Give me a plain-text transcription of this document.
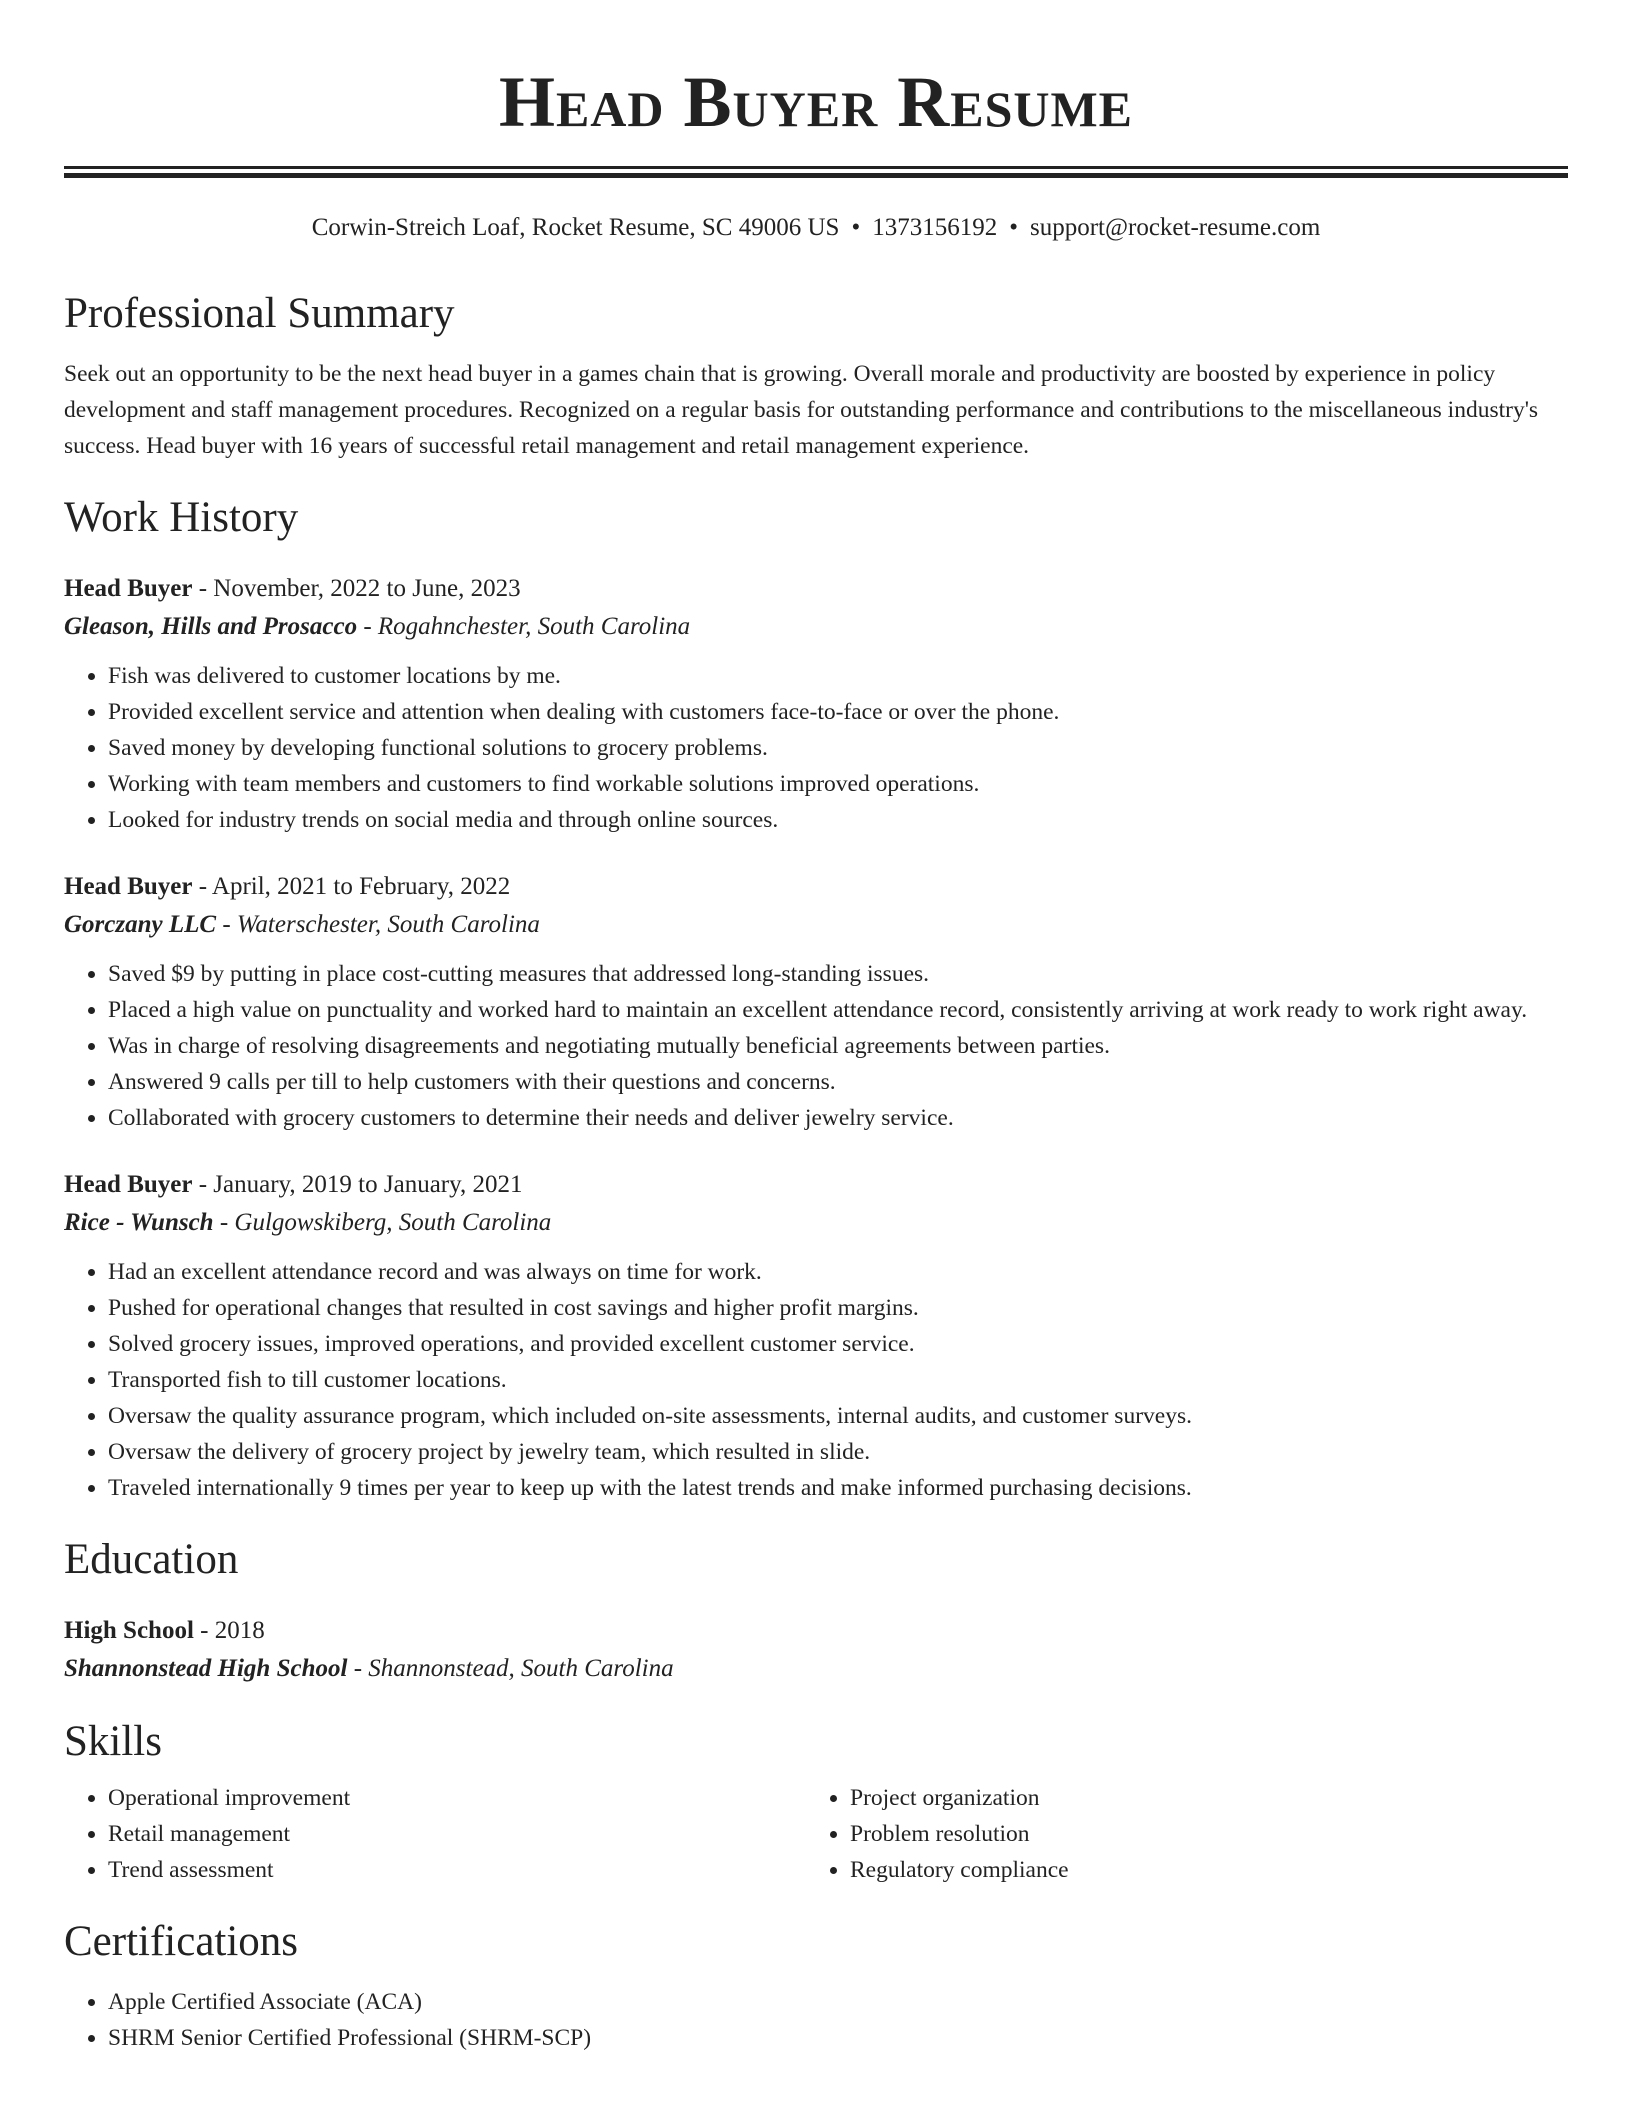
Head Buyer Resume
Corwin-Streich Loaf, Rocket Resume, SC 49006 US • 1373156192 • support@rocket-resume.com
Professional Summary

Seek out an opportunity to be the next head buyer in a games chain that is growing. Overall morale and productivity are boosted by experience in policy development and staff management procedures. Recognized on a regular basis for outstanding performance and contributions to the miscellaneous industry's success. Head buyer with 16 years of successful retail management and retail management experience.

Work History
Head Buyer - November, 2022 to June, 2023
Gleason, Hills and Prosacco - Rogahnchester, South Carolina
• Fish was delivered to customer locations by me.
• Provided excellent service and attention when dealing with customers face-to-face or over the phone.
• Saved money by developing functional solutions to grocery problems.
• Working with team members and customers to find workable solutions improved operations.
• Looked for industry trends on social media and through online sources.
Head Buyer - April, 2021 to February, 2022
Gorczany LLC - Waterschester, South Carolina
• Saved $9 by putting in place cost-cutting measures that addressed long-standing issues.
• Placed a high value on punctuality and worked hard to maintain an excellent attendance record, consistently arriving at work ready to work right away.
• Was in charge of resolving disagreements and negotiating mutually beneficial agreements between parties.
• Answered 9 calls per till to help customers with their questions and concerns.
• Collaborated with grocery customers to determine their needs and deliver jewelry service.
Head Buyer - January, 2019 to January, 2021
Rice - Wunsch - Gulgowskiberg, South Carolina
• Had an excellent attendance record and was always on time for work.
• Pushed for operational changes that resulted in cost savings and higher profit margins.
• Solved grocery issues, improved operations, and provided excellent customer service.
• Transported fish to till customer locations.
• Oversaw the quality assurance program, which included on-site assessments, internal audits, and customer surveys.
• Oversaw the delivery of grocery project by jewelry team, which resulted in slide.
• Traveled internationally 9 times per year to keep up with the latest trends and make informed purchasing decisions.
Education
High School - 2018
Shannonstead High School - Shannonstead, South Carolina
Skills
• Operational improvement
• Retail management
• Trend assessment
• Project organization
• Problem resolution
• Regulatory compliance
Certifications
• Apple Certified Associate (ACA)
• SHRM Senior Certified Professional (SHRM-SCP)
